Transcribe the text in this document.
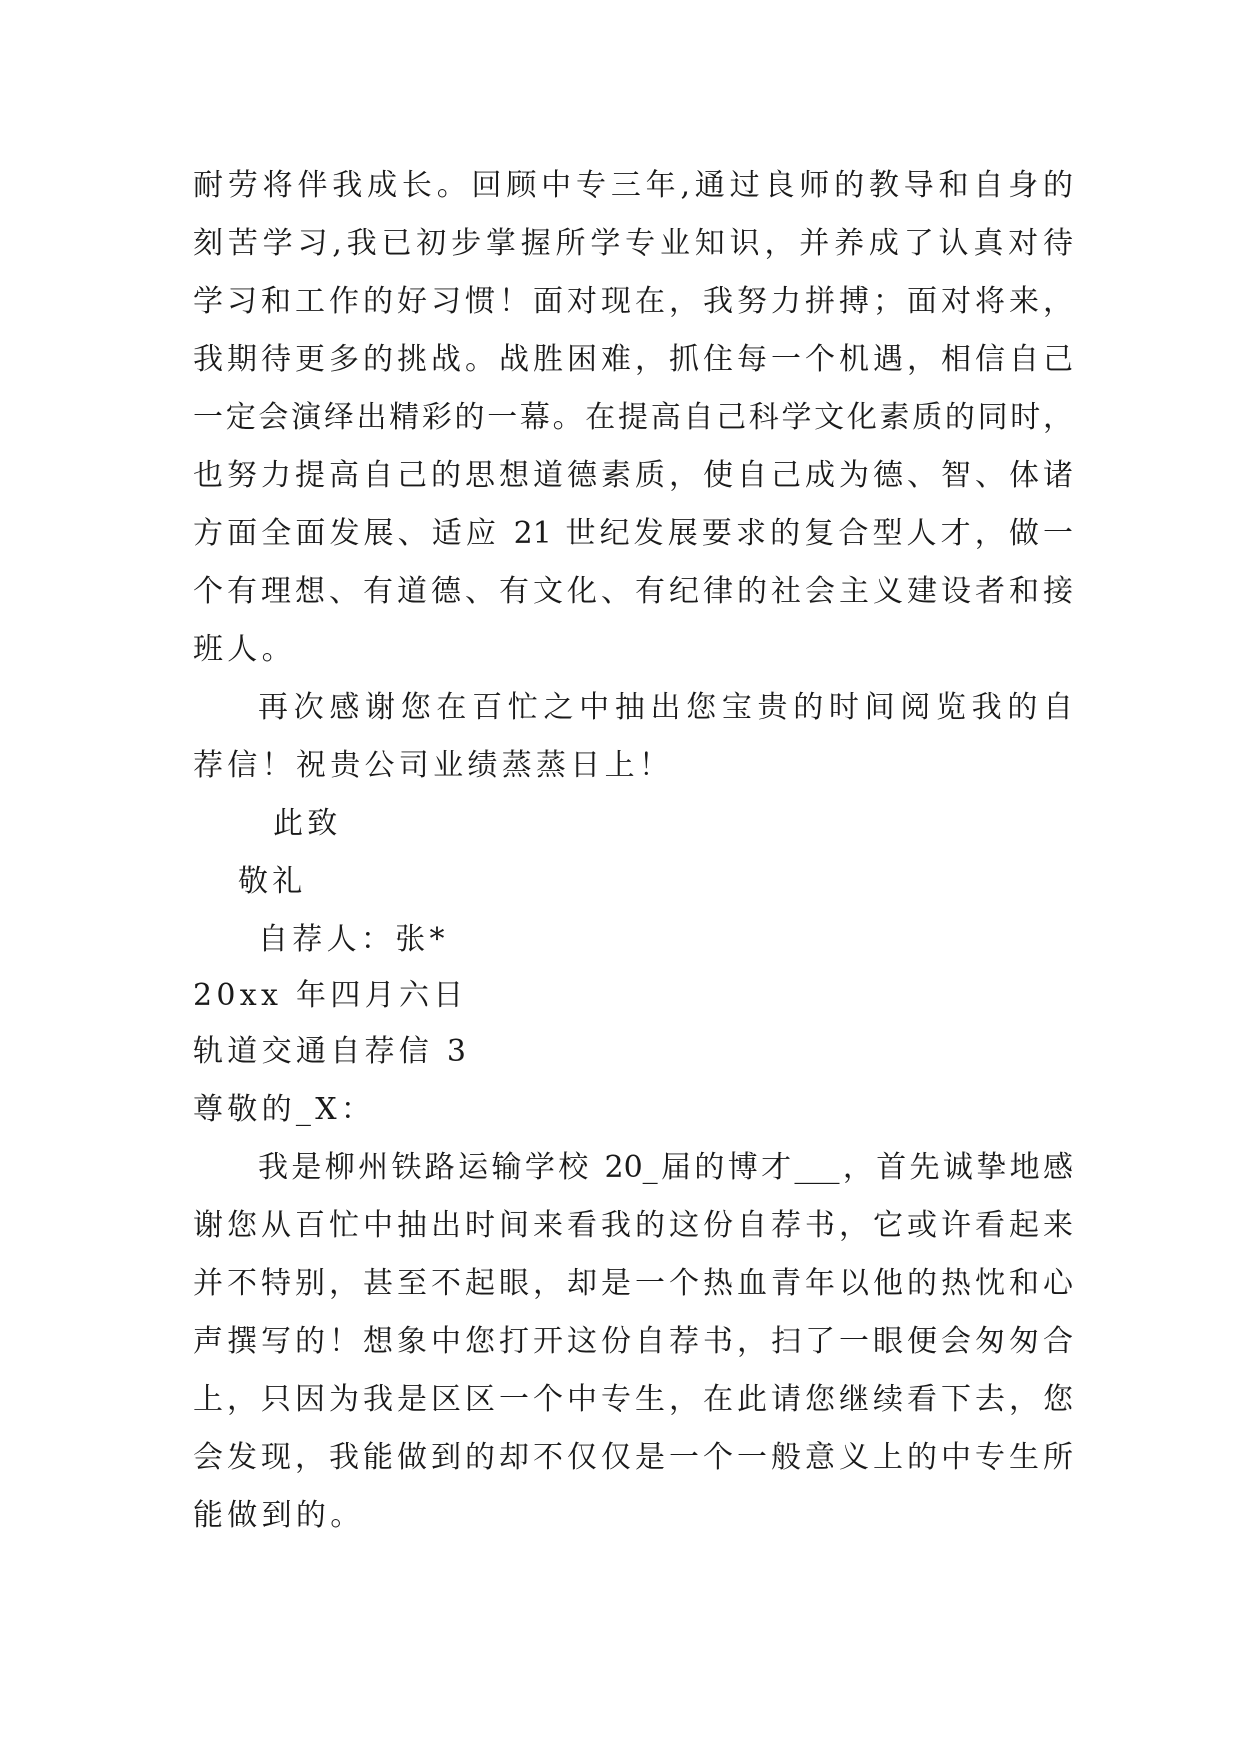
耐劳将伴我成长。回顾中专三年,通过良师的教导和自身的
刻苦学习,我已初步掌握所学专业知识，并养成了认真对待
学习和工作的好习惯！面对现在，我努力拼搏；面对将来，
我期待更多的挑战。战胜困难，抓住每一个机遇，相信自己
一定会演绎出精彩的一幕。在提高自己科学文化素质的同时，
也努力提高自己的思想道德素质，使自己成为德、智、体诸
方面全面发展、适应 21 世纪发展要求的复合型人才，做一
个有理想、有道德、有文化、有纪律的社会主义建设者和接
班人。
再次感谢您在百忙之中抽出您宝贵的时间阅览我的自
荐信！祝贵公司业绩蒸蒸日上！
此致
敬礼
自荐人：张*
20xx 年四月六日
轨道交通自荐信 3
尊敬的_X：
我是柳州铁路运输学校 20_届的博才___，首先诚挚地感
谢您从百忙中抽出时间来看我的这份自荐书，它或许看起来
并不特别，甚至不起眼，却是一个热血青年以他的热忱和心
声撰写的！想象中您打开这份自荐书，扫了一眼便会匆匆合
上，只因为我是区区一个中专生，在此请您继续看下去，您
会发现，我能做到的却不仅仅是一个一般意义上的中专生所
能做到的。
